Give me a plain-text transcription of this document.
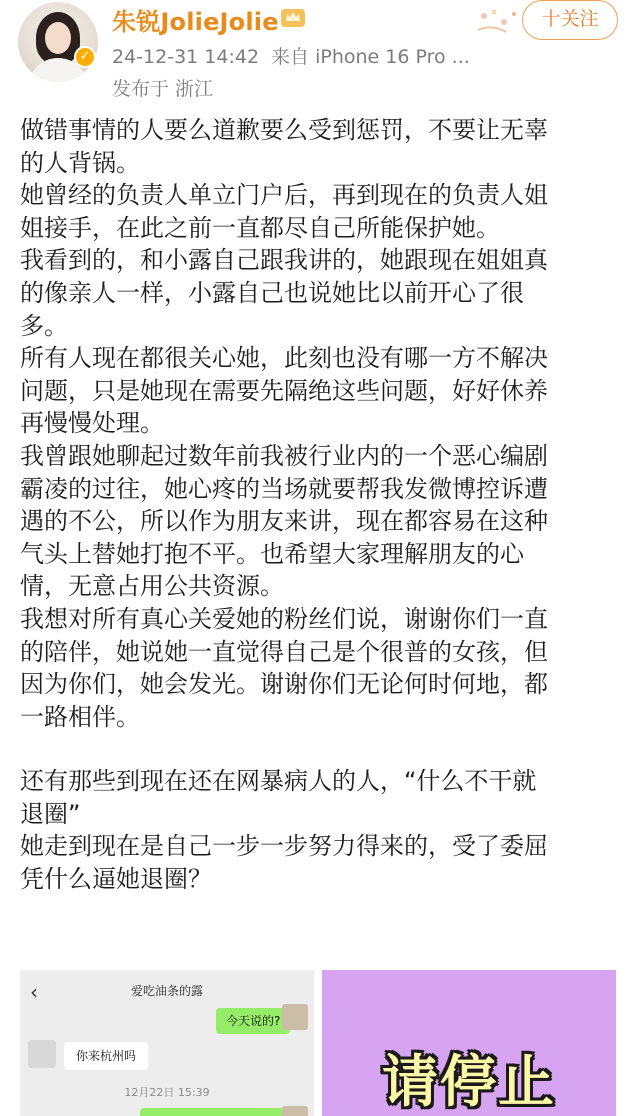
✓
朱锐JolieJolie
24-12-31 14:42 来自 iPhone 16 Pro ...
发布于 浙江
十关注

做错事情的人要么道歉要么受到惩罚，不要让无辜
的人背锅。

她曾经的负责人单立门户后，再到现在的负责人姐
姐接手，在此之前一直都尽自己所能保护她。

我看到的，和小露自己跟我讲的，她跟现在姐姐真
的像亲人一样，小露自己也说她比以前开心了很
多。

所有人现在都很关心她，此刻也没有哪一方不解决
问题，只是她现在需要先隔绝这些问题，好好休养
再慢慢处理。

我曾跟她聊起过数年前我被行业内的一个恶心编剧
霸凌的过往，她心疼的当场就要帮我发微博控诉遭
遇的不公，所以作为朋友来讲，现在都容易在这种
气头上替她打抱不平。也希望大家理解朋友的心
情，无意占用公共资源。

我想对所有真心关爱她的粉丝们说，谢谢你们一直
的陪伴，她说她一直觉得自己是个很普的女孩，但
因为你们，她会发光。谢谢你们无论何时何地，都
一路相伴。

还有那些到现在还在网暴病人的人，“什么不干就
退圈”

她走到现在是自己一步一步努力得来的，受了委屈
凭什么逼她退圈？

‹	爱吃油条的露
今天说的?
你来杭州吗
12月22日 15:39	请停止
